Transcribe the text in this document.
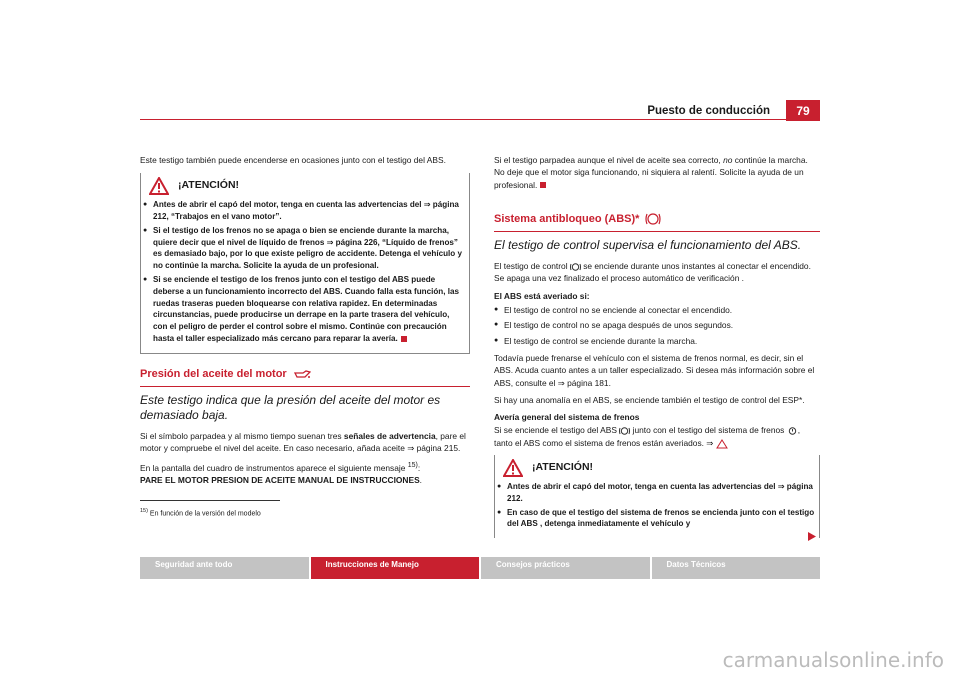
Puesto de conducción	79

Este testigo también puede encenderse en ocasiones junto con el testigo del ABS.

¡ATENCIÓN!
● Antes de abrir el capó del motor, tenga en cuenta las advertencias del ⇒ página 212, “Trabajos en el vano motor”.
● Si el testigo de los frenos no se apaga o bien se enciende durante la marcha, quiere decir que el nivel de líquido de frenos ⇒ página 226, “Líquido de frenos” es demasiado bajo, por lo que existe peligro de accidente. Detenga el vehículo y no continúe la marcha. Solicite la ayuda de un profesional.
● Si se enciende el testigo de los frenos junto con el testigo del ABS puede deberse a un funcionamiento incorrecto del ABS. Cuando falla esta función, las ruedas traseras pueden bloquearse con relativa rapidez. En determinadas circunstancias, puede producirse un derrape en la parte trasera del vehículo, con el peligro de perder el control sobre el mismo. Continúe con precaución hasta el taller especializado más cercano para reparar la avería.
Presión del aceite del motor
Este testigo indica que la presión del aceite del motor es demasiado baja.

Si el símbolo parpadea y al mismo tiempo suenan tres señales de advertencia, pare el motor y compruebe el nivel del aceite. En caso necesario, añada aceite ⇒ página 215.

En la pantalla del cuadro de instrumentos aparece el siguiente mensaje $^{15)}$:
PARE EL MOTOR PRESION DE ACEITE MANUAL DE INSTRUCCIONES.

$^{15)}$ En función de la versión del modelo

Si el testigo parpadea aunque el nivel de aceite sea correcto, no continúe la marcha. No deje que el motor siga funcionando, ni siquiera al ralentí. Solicite la ayuda de un profesional.

Sistema antibloqueo (ABS)*
El testigo de control supervisa el funcionamiento del ABS.

El testigo de control se enciende durante unos instantes al conectar el encendido. Se apaga una vez finalizado el proceso automático de verificación .

El ABS está averiado si:

● El testigo de control no se enciende al conectar el encendido.
● El testigo de control no se apaga después de unos segundos.
● El testigo de control se enciende durante la marcha.

Todavía puede frenarse el vehículo con el sistema de frenos normal, es decir, sin el ABS. Acuda cuanto antes a un taller especializado. Si desea más información sobre el ABS, consulte el ⇒ página 181.

Si hay una anomalía en el ABS, se enciende también el testigo de control del ESP*.

Avería general del sistema de frenos

Si se enciende el testigo del ABS junto con el testigo del sistema de frenos , tanto el ABS como el sistema de frenos están averiados. ⇒

¡ATENCIÓN!
● Antes de abrir el capó del motor, tenga en cuenta las advertencias del ⇒ página 212.
● En caso de que el testigo del sistema de frenos se encienda junto con el testigo del ABS , detenga inmediatamente el vehículo y
Seguridad ante todo	Instrucciones de Manejo	Consejos prácticos	Datos Técnicos
carmanualsonline.info
